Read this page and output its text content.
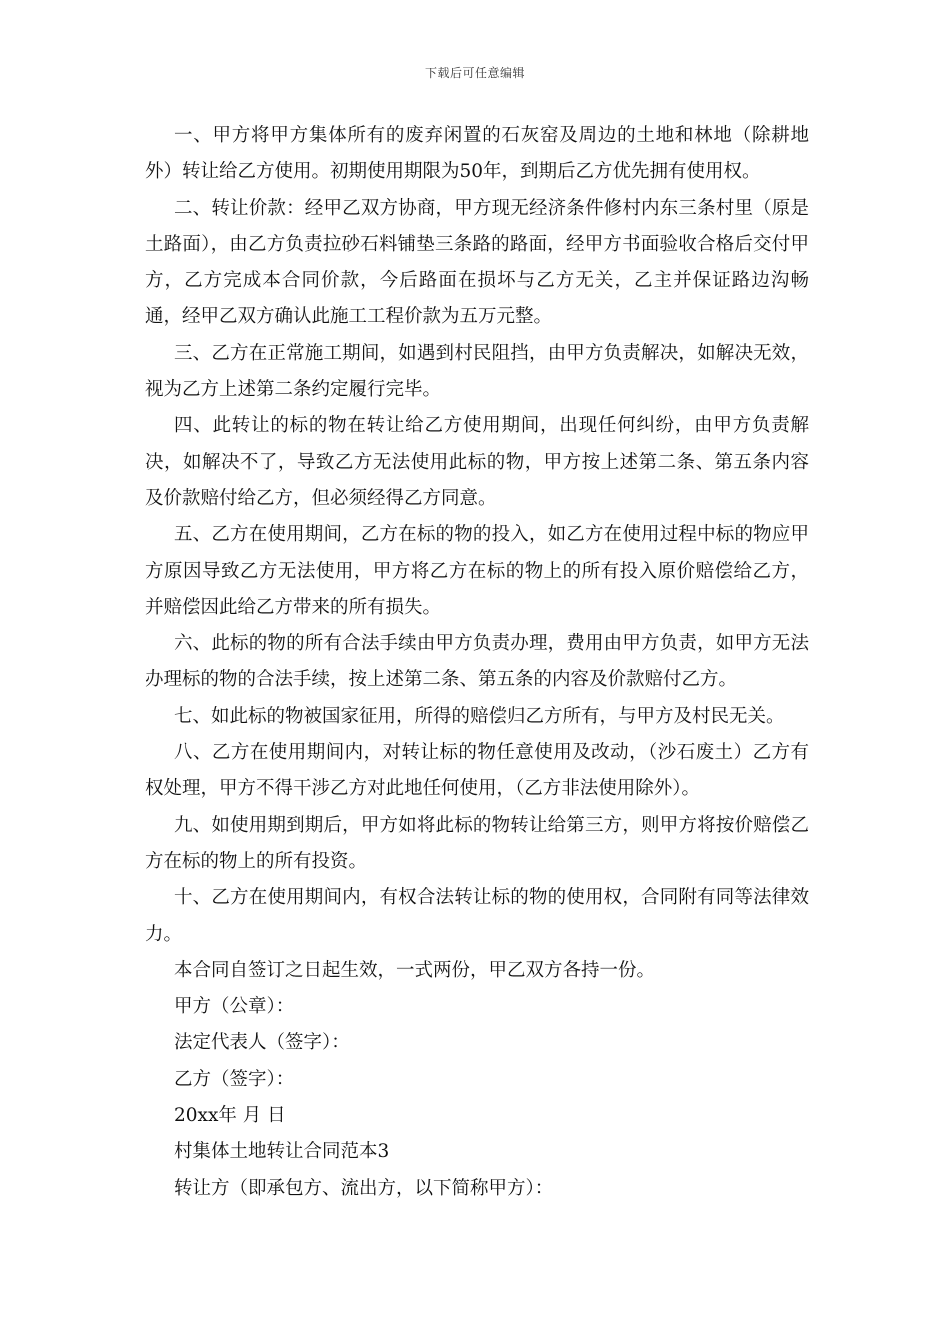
下载后可任意编辑

一、甲方将甲方集体所有的废弃闲置的石灰窑及周边的土地和林地（除耕地外）转让给乙方使用。初期使用期限为50年，到期后乙方优先拥有使用权。

二、转让价款：经甲乙双方协商，甲方现无经济条件修村内东三条村里（原是土路面），由乙方负责拉砂石料铺垫三条路的路面，经甲方书面验收合格后交付甲方，乙方完成本合同价款，今后路面在损坏与乙方无关，乙主并保证路边沟畅通，经甲乙双方确认此施工工程价款为五万元整。

三、乙方在正常施工期间，如遇到村民阻挡，由甲方负责解决，如解决无效，视为乙方上述第二条约定履行完毕。

四、此转让的标的物在转让给乙方使用期间，出现任何纠纷，由甲方负责解决，如解决不了，导致乙方无法使用此标的物，甲方按上述第二条、第五条内容及价款赔付给乙方，但必须经得乙方同意。

五、乙方在使用期间，乙方在标的物的投入，如乙方在使用过程中标的物应甲方原因导致乙方无法使用，甲方将乙方在标的物上的所有投入原价赔偿给乙方，并赔偿因此给乙方带来的所有损失。

六、此标的物的所有合法手续由甲方负责办理，费用由甲方负责，如甲方无法办理标的物的合法手续，按上述第二条、第五条的内容及价款赔付乙方。

七、如此标的物被国家征用，所得的赔偿归乙方所有，与甲方及村民无关。

八、乙方在使用期间内，对转让标的物任意使用及改动，（沙石废土）乙方有权处理，甲方不得干涉乙方对此地任何使用，（乙方非法使用除外）。

九、如使用期到期后，甲方如将此标的物转让给第三方，则甲方将按价赔偿乙方在标的物上的所有投资。

十、乙方在使用期间内，有权合法转让标的物的使用权，合同附有同等法律效力。

本合同自签订之日起生效，一式两份，甲乙双方各持一份。

甲方（公章）：

法定代表人（签字）：

乙方（签字）：

20xx年 月 日

村集体土地转让合同范本3

转让方（即承包方、流出方，以下简称甲方）：
